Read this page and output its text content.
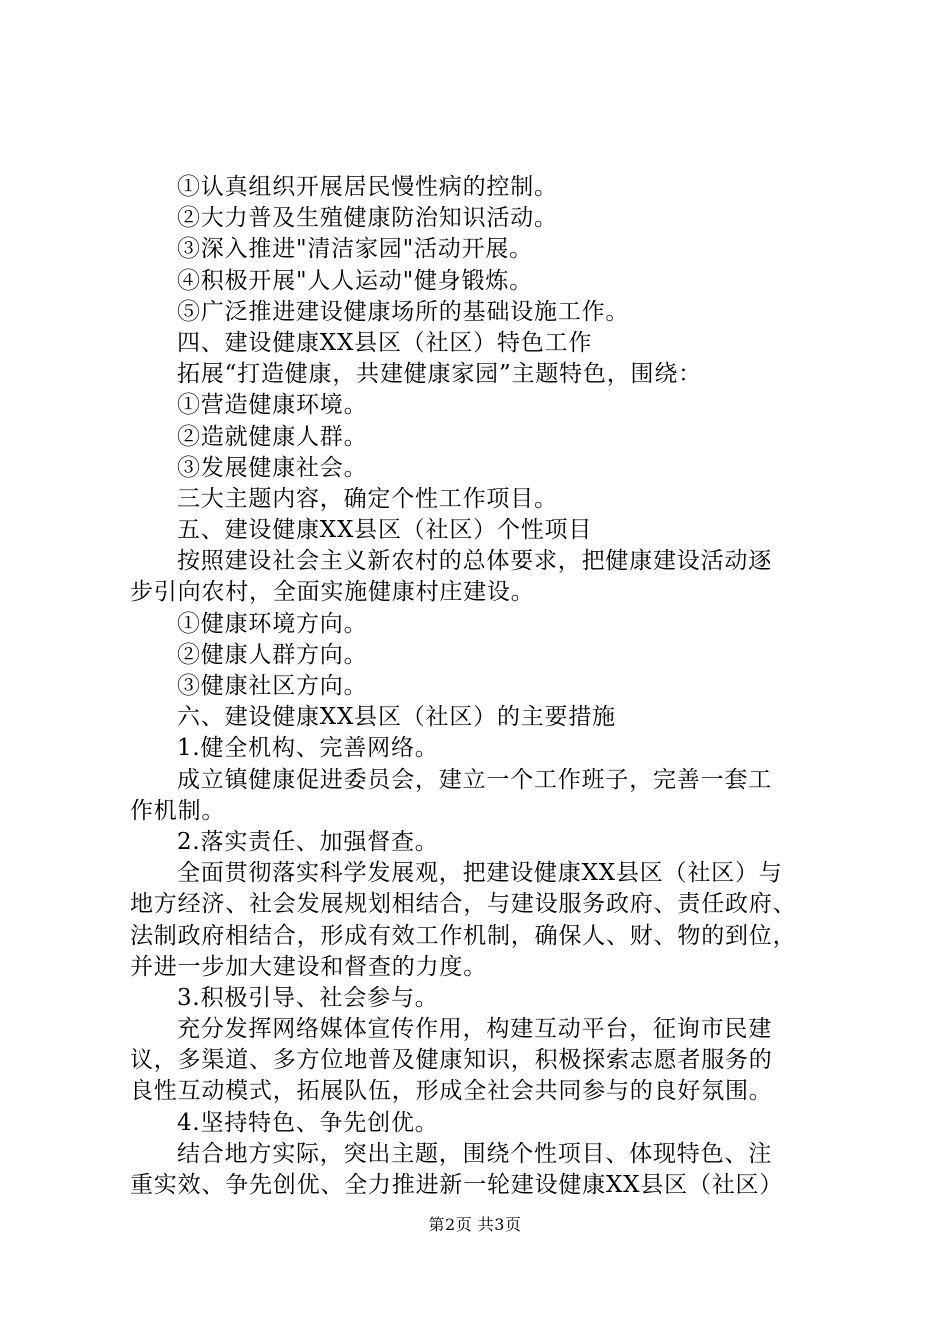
①认真组织开展居民慢性病的控制。
②大力普及生殖健康防治知识活动。
③深入推进"清洁家园"活动开展。
④积极开展"人人运动"健身锻炼。
⑤广泛推进建设健康场所的基础设施工作。
四、建设健康XX县区（社区）特色工作
拓展“打造健康，共建健康家园”主题特色，围绕：
①营造健康环境。
②造就健康人群。
③发展健康社会。
三大主题内容，确定个性工作项目。
五、建设健康XX县区（社区）个性项目
按照建设社会主义新农村的总体要求，把健康建设活动逐
步引向农村，全面实施健康村庄建设。
①健康环境方向。
②健康人群方向。
③健康社区方向。
六、建设健康XX县区（社区）的主要措施
1.健全机构、完善网络。
成立镇健康促进委员会，建立一个工作班子，完善一套工
作机制。
2.落实责任、加强督查。
全面贯彻落实科学发展观，把建设健康XX县区（社区）与
地方经济、社会发展规划相结合，与建设服务政府、责任政府、
法制政府相结合，形成有效工作机制，确保人、财、物的到位，
并进一步加大建设和督查的力度。
3.积极引导、社会参与。
充分发挥网络媒体宣传作用，构建互动平台，征询市民建
议，多渠道、多方位地普及健康知识，积极探索志愿者服务的
良性互动模式，拓展队伍，形成全社会共同参与的良好氛围。
4.坚持特色、争先创优。
结合地方实际，突出主题，围绕个性项目、体现特色、注
重实效、争先创优、全力推进新一轮建设健康XX县区（社区）
第2页 共3页
